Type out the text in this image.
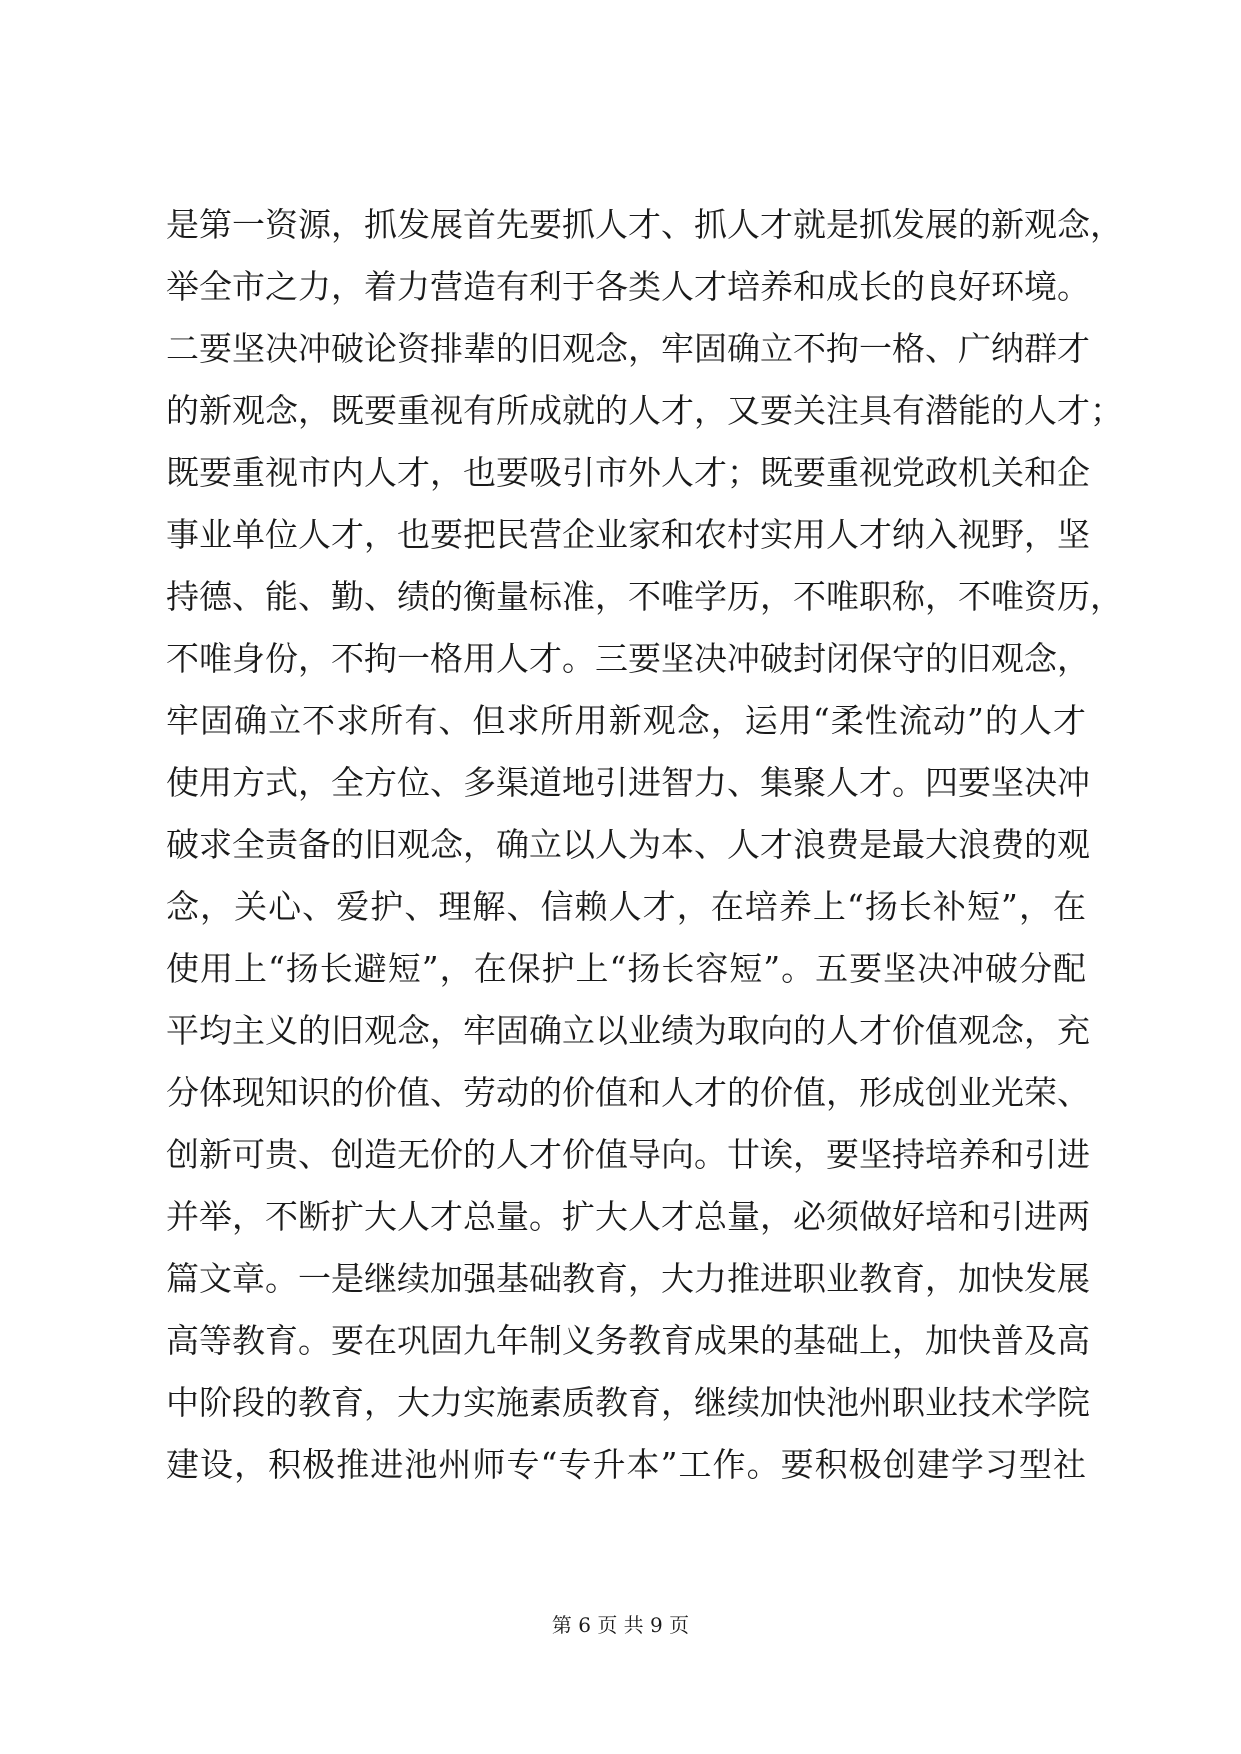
是第一资源，抓发展首先要抓人才、抓人才就是抓发展的新观念，
举全市之力，着力营造有利于各类人才培养和成长的良好环境。
二要坚决冲破论资排辈的旧观念，牢固确立不拘一格、广纳群才
的新观念，既要重视有所成就的人才，又要关注具有潜能的人才；
既要重视市内人才，也要吸引市外人才；既要重视党政机关和企
事业单位人才，也要把民营企业家和农村实用人才纳入视野，坚
持德、能、勤、绩的衡量标准，不唯学历，不唯职称，不唯资历，
不唯身份，不拘一格用人才。三要坚决冲破封闭保守的旧观念，
牢固确立不求所有、但求所用新观念，运用“柔性流动”的人才
使用方式，全方位、多渠道地引进智力、集聚人才。四要坚决冲
破求全责备的旧观念，确立以人为本、人才浪费是最大浪费的观
念，关心、爱护、理解、信赖人才，在培养上“扬长补短”，在
使用上“扬长避短”，在保护上“扬长容短”。五要坚决冲破分配
平均主义的旧观念，牢固确立以业绩为取向的人才价值观念，充
分体现知识的价值、劳动的价值和人才的价值，形成创业光荣、
创新可贵、创造无价的人才价值导向。廿诶，要坚持培养和引进
并举，不断扩大人才总量。扩大人才总量，必须做好培和引进两
篇文章。一是继续加强基础教育，大力推进职业教育，加快发展
高等教育。要在巩固九年制义务教育成果的基础上，加快普及高
中阶段的教育，大力实施素质教育，继续加快池州职业技术学院
建设，积极推进池州师专“专升本”工作。要积极创建学习型社
第 6 页 共 9 页
